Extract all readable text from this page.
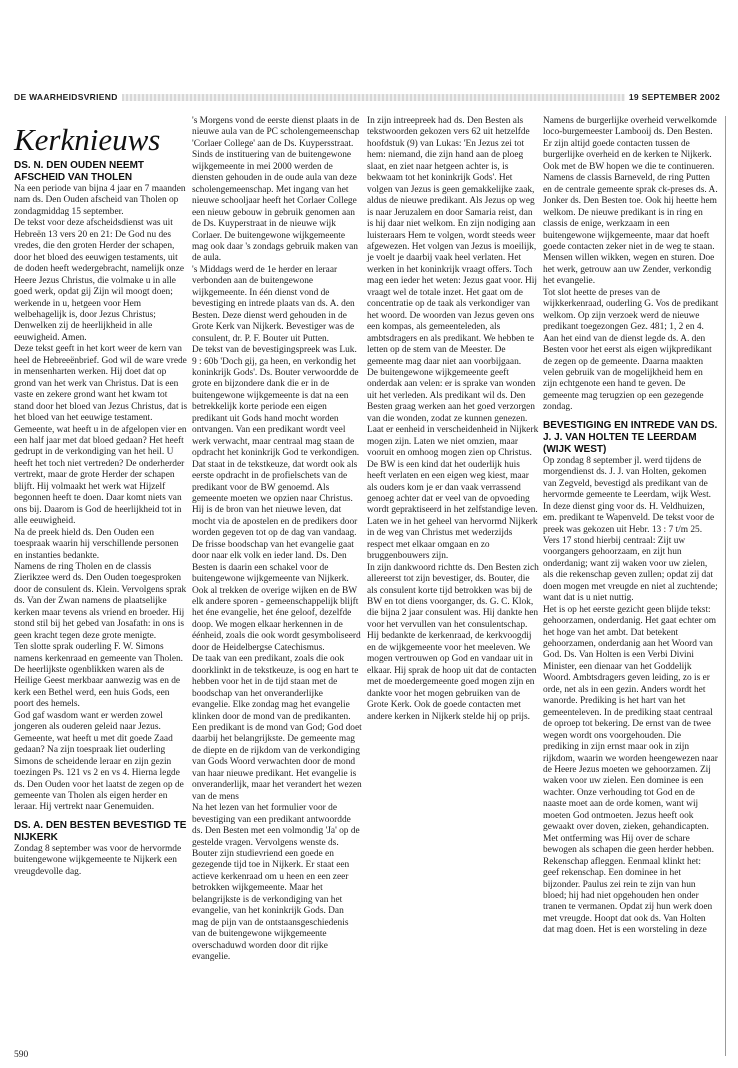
DE WAARHEIDSVRIEND	19 SEPTEMBER 2002
Kerknieuws
DS. N. DEN OUDEN NEEMT AFSCHEID VAN THOLEN

Na een periode van bijna 4 jaar en 7 maanden nam ds. Den Ouden afscheid van Tholen op zondagmiddag 15 september.

De tekst voor deze afscheidsdienst was uit Hebreën 13 vers 20 en 21: De God nu des vredes, die den groten Herder der schapen, door het bloed des eeuwigen testaments, uit de doden heeft wedergebracht, namelijk onze Heere Jezus Christus, die volmake u in alle goed werk, opdat gij Zijn wil moogt doen; werkende in u, hetgeen voor Hem welbehagelijk is, door Jezus Christus; Denwelken zij de heerlijkheid in alle eeuwigheid. Amen.

Deze tekst geeft in het kort weer de kern van heel de Hebreeënbrief. God wil de ware vrede in mensenharten werken. Hij doet dat op grond van het werk van Christus. Dat is een vaste en zekere grond want het kwam tot stand door het bloed van Jezus Christus, dat is het bloed van het eeuwige testament. Gemeente, wat heeft u in de afgelopen vier en een half jaar met dat bloed gedaan? Het heeft gedrupt in de verkondiging van het heil. U heeft het toch niet vertreden? De onderherder vertrekt, maar de grote Herder der schapen blijft. Hij volmaakt het werk wat Hijzelf begonnen heeft te doen. Daar komt niets van ons bij. Daarom is God de heerlijkheid tot in alle eeuwigheid.

Na de preek hield ds. Den Ouden een toespraak waarin hij verschillende personen en instanties bedankte.

Namens de ring Tholen en de classis Zierikzee werd ds. Den Ouden toegesproken door de consulent ds. Klein. Vervolgens sprak ds. Van der Zwan namens de plaatselijke kerken maar tevens als vriend en broeder. Hij stond stil bij het gebed van Josafath: in ons is geen kracht tegen deze grote menigte.

Ten slotte sprak ouderling F. W. Simons namens kerkenraad en gemeente van Tholen. De heerlijkste ogenblikken waren als de Heilige Geest merkbaar aanwezig was en de kerk een Bethel werd, een huis Gods, een poort des hemels.

God gaf wasdom want er werden zowel jongeren als ouderen geleid naar Jezus. Gemeente, wat heeft u met dit goede Zaad gedaan? Na zijn toespraak liet ouderling Simons de scheidende leraar en zijn gezin toezingen Ps. 121 vs 2 en vs 4. Hierna legde ds. Den Ouden voor het laatst de zegen op de gemeente van Tholen als eigen herder en leraar. Hij vertrekt naar Genemuiden.

DS. A. DEN BESTEN BEVESTIGD TE NIJKERK

Zondag 8 september was voor de hervormde buitengewone wijkgemeente te Nijkerk een vreugdevolle dag.

's Morgens vond de eerste dienst plaats in de nieuwe aula van de PC scholengemeenschap 'Corlaer College' aan de Ds. Kuypersstraat. Sinds de instituering van de buitengewone wijkgemeente in mei 2000 werden de diensten gehouden in de oude aula van deze scholengemeenschap. Met ingang van het nieuwe schooljaar heeft het Corlaer College een nieuw gebouw in gebruik genomen aan de Ds. Kuyperstraat in de nieuwe wijk Corlaer. De buitengewone wijkgemeente mag ook daar 's zondags gebruik maken van de aula.

's Middags werd de 1e herder en leraar verbonden aan de buitengewone wijkgemeente. In één dienst vond de bevestiging en intrede plaats van ds. A. den Besten. Deze dienst werd gehouden in de Grote Kerk van Nijkerk. Bevestiger was de consulent, dr. P. F. Bouter uit Putten.

De tekst van de bevestigingspreek was Luk. 9 : 60b 'Doch gij, ga heen, en verkondig het koninkrijk Gods'. Ds. Bouter verwoordde de grote en bijzondere dank die er in de buitengewone wijkgemeente is dat na een betrekkelijk korte periode een eigen predikant uit Gods hand mocht worden ontvangen. Van een predikant wordt veel werk verwacht, maar centraal mag staan de opdracht het koninkrijk God te verkondigen. Dat staat in de tekstkeuze, dat wordt ook als eerste opdracht in de profielschets van de predikant voor de BW genoemd. Als gemeente moeten we opzien naar Christus. Hij is de bron van het nieuwe leven, dat mocht via de apostelen en de predikers door worden gegeven tot op de dag van vandaag. De frisse boodschap van het evangelie gaat door naar elk volk en ieder land. Ds. Den Besten is daarin een schakel voor de buitengewone wijkgemeente van Nijkerk. Ook al trekken de overige wijken en de BW elk andere sporen - gemeenschappelijk blijft het éne evangelie, het éne geloof, dezelfde doop. We mogen elkaar herkennen in de éénheid, zoals die ook wordt gesymboliseerd door de Heidelbergse Catechismus.

De taak van een predikant, zoals die ook doorklinkt in de tekstkeuze, is oog en hart te hebben voor het in de tijd staan met de boodschap van het onveranderlijke evangelie. Elke zondag mag het evangelie klinken door de mond van de predikanten. Een predikant is de mond van God; God doet daarbij het belangrijkste. De gemeente mag de diepte en de rijkdom van de verkondiging van Gods Woord verwachten door de mond van haar nieuwe predikant. Het evangelie is onveranderlijk, maar het verandert het wezen van de mens

Na het lezen van het formulier voor de bevestiging van een predikant antwoordde ds. Den Besten met een volmondig 'Ja' op de gestelde vragen. Vervolgens wenste ds. Bouter zijn studievriend een goede en gezegende tijd toe in Nijkerk. Er staat een actieve kerkenraad om u heen en een zeer betrokken wijkgemeente. Maar het belangrijkste is de verkondiging van het evangelie, van het koninkrijk Gods. Dan mag de pijn van de ontstaansgeschiedenis van de buitengewone wijkgemeente overschaduwd worden door dit rijke evangelie.

In zijn intreepreek had ds. Den Besten als tekstwoorden gekozen vers 62 uit hetzelfde hoofdstuk (9) van Lukas: 'En Jezus zei tot hem: niemand, die zijn hand aan de ploeg slaat, en ziet naar hetgeen achter is, is bekwaam tot het koninkrijk Gods'. Het volgen van Jezus is geen gemakkelijke zaak, aldus de nieuwe predikant. Als Jezus op weg is naar Jeruzalem en door Samaria reist, dan is hij daar niet welkom. En zijn nodiging aan luisteraars Hem te volgen, wordt steeds weer afgewezen. Het volgen van Jezus is moeilijk, je voelt je daarbij vaak heel verlaten. Het werken in het koninkrijk vraagt offers. Toch mag een ieder het weten: Jezus gaat voor. Hij vraagt wel de totale inzet. Het gaat om de concentratie op de taak als verkondiger van het woord. De woorden van Jezus geven ons een kompas, als gemeenteleden, als ambtsdragers en als predikant. We hebben te letten op de stem van de Meester. De gemeente mag daar niet aan voorbijgaan.

De buitengewone wijkgemeente geeft onderdak aan velen: er is sprake van wonden uit het verleden. Als predikant wil ds. Den Besten graag werken aan het goed verzorgen van die wonden, zodat ze kunnen genezen. Laat er eenheid in verscheidenheid in Nijkerk mogen zijn. Laten we niet omzien, maar vooruit en omhoog mogen zien op Christus. De BW is een kind dat het ouderlijk huis heeft verlaten en een eigen weg kiest, maar als ouders kom je er dan vaak verrassend genoeg achter dat er veel van de opvoeding wordt gepraktiseerd in het zelfstandige leven.

Laten we in het geheel van hervormd Nijkerk in de weg van Christus met wederzijds respect met elkaar omgaan en zo bruggenbouwers zijn.

In zijn dankwoord richtte ds. Den Besten zich allereerst tot zijn bevestiger, ds. Bouter, die als consulent korte tijd betrokken was bij de BW en tot diens voorganger, ds. G. C. Klok, die bijna 2 jaar consulent was. Hij dankte hen voor het vervullen van het consulentschap. Hij bedankte de kerkenraad, de kerkvoogdij en de wijkgemeente voor het meeleven. We mogen vertrouwen op God en vandaar uit in elkaar. Hij sprak de hoop uit dat de contacten met de moedergemeente goed mogen zijn en dankte voor het mogen gebruiken van de Grote Kerk. Ook de goede contacten met andere kerken in Nijkerk stelde hij op prijs.

Namens de burgerlijke overheid verwelkomde loco-burgemeester Lambooij ds. Den Besten. Er zijn altijd goede contacten tussen de burgerlijke overheid en de kerken te Nijkerk. Ook met de BW hopen we die te continueren. Namens de classis Barneveld, de ring Putten en de centrale gemeente sprak ck-preses ds. A. Jonker ds. Den Besten toe. Ook hij heette hem welkom. De nieuwe predikant is in ring en classis de enige, werkzaam in een buitengewone wijkgemeente, maar dat hoeft goede contacten zeker niet in de weg te staan. Mensen willen wikken, wegen en sturen. Doe het werk, getrouw aan uw Zender, verkondig het evangelie.

Tot slot heette de preses van de wijkkerkenraad, ouderling G. Vos de predikant welkom. Op zijn verzoek werd de nieuwe predikant toegezongen Gez. 481; 1, 2 en 4. Aan het eind van de dienst legde ds. A. den Besten voor het eerst als eigen wijkpredikant de zegen op de gemeente. Daarna maakten velen gebruik van de mogelijkheid hem en zijn echtgenote een hand te geven. De gemeente mag terugzien op een gezegende zondag.

BEVESTIGING EN INTREDE VAN DS. J. J. VAN HOLTEN TE LEERDAM (WIJK WEST)

Op zondag 8 september jl. werd tijdens de morgendienst ds. J. J. van Holten, gekomen van Zegveld, bevestigd als predikant van de hervormde gemeente te Leerdam, wijk West. In deze dienst ging voor ds. H. Veldhuizen, em. predikant te Wapenveld. De tekst voor de preek was gekozen uit Hebr. 13 : 7 t/m 25. Vers 17 stond hierbij centraal: Zijt uw voorgangers gehoorzaam, en zijt hun onderdanig; want zij waken voor uw zielen, als die rekenschap geven zullen; opdat zij dat doen mogen met vreugde en niet al zuchtende; want dat is u niet nuttig.

Het is op het eerste gezicht geen blijde tekst: gehoorzamen, onderdanig. Het gaat echter om het hoge van het ambt. Dat betekent gehoorzamen, onderdanig aan het Woord van God. Ds. Van Holten is een Verbi Divini Minister, een dienaar van het Goddelijk Woord. Ambtsdragers geven leiding, zo is er orde, net als in een gezin. Anders wordt het wanorde. Prediking is het hart van het gemeenteleven. In de prediking staat centraal de oproep tot bekering. De ernst van de twee wegen wordt ons voorgehouden. Die prediking in zijn ernst maar ook in zijn rijkdom, waarin we worden heengewezen naar de Heere Jezus moeten we gehoorzamen. Zij waken voor uw zielen. Een dominee is een wachter. Onze verhouding tot God en de naaste moet aan de orde komen, want wij moeten God ontmoeten. Jezus heeft ook gewaakt over doven, zieken, gehandicapten. Met ontferming was Hij over de schare bewogen als schapen die geen herder hebben. Rekenschap afleggen. Eenmaal klinkt het: geef rekenschap. Een dominee in het bijzonder. Paulus zei rein te zijn van hun bloed; hij had niet opgehouden hen onder tranen te vermanen. Opdat zij hun werk doen met vreugde. Hoopt dat ook ds. Van Holten dat mag doen. Het is een worsteling in deze

590
